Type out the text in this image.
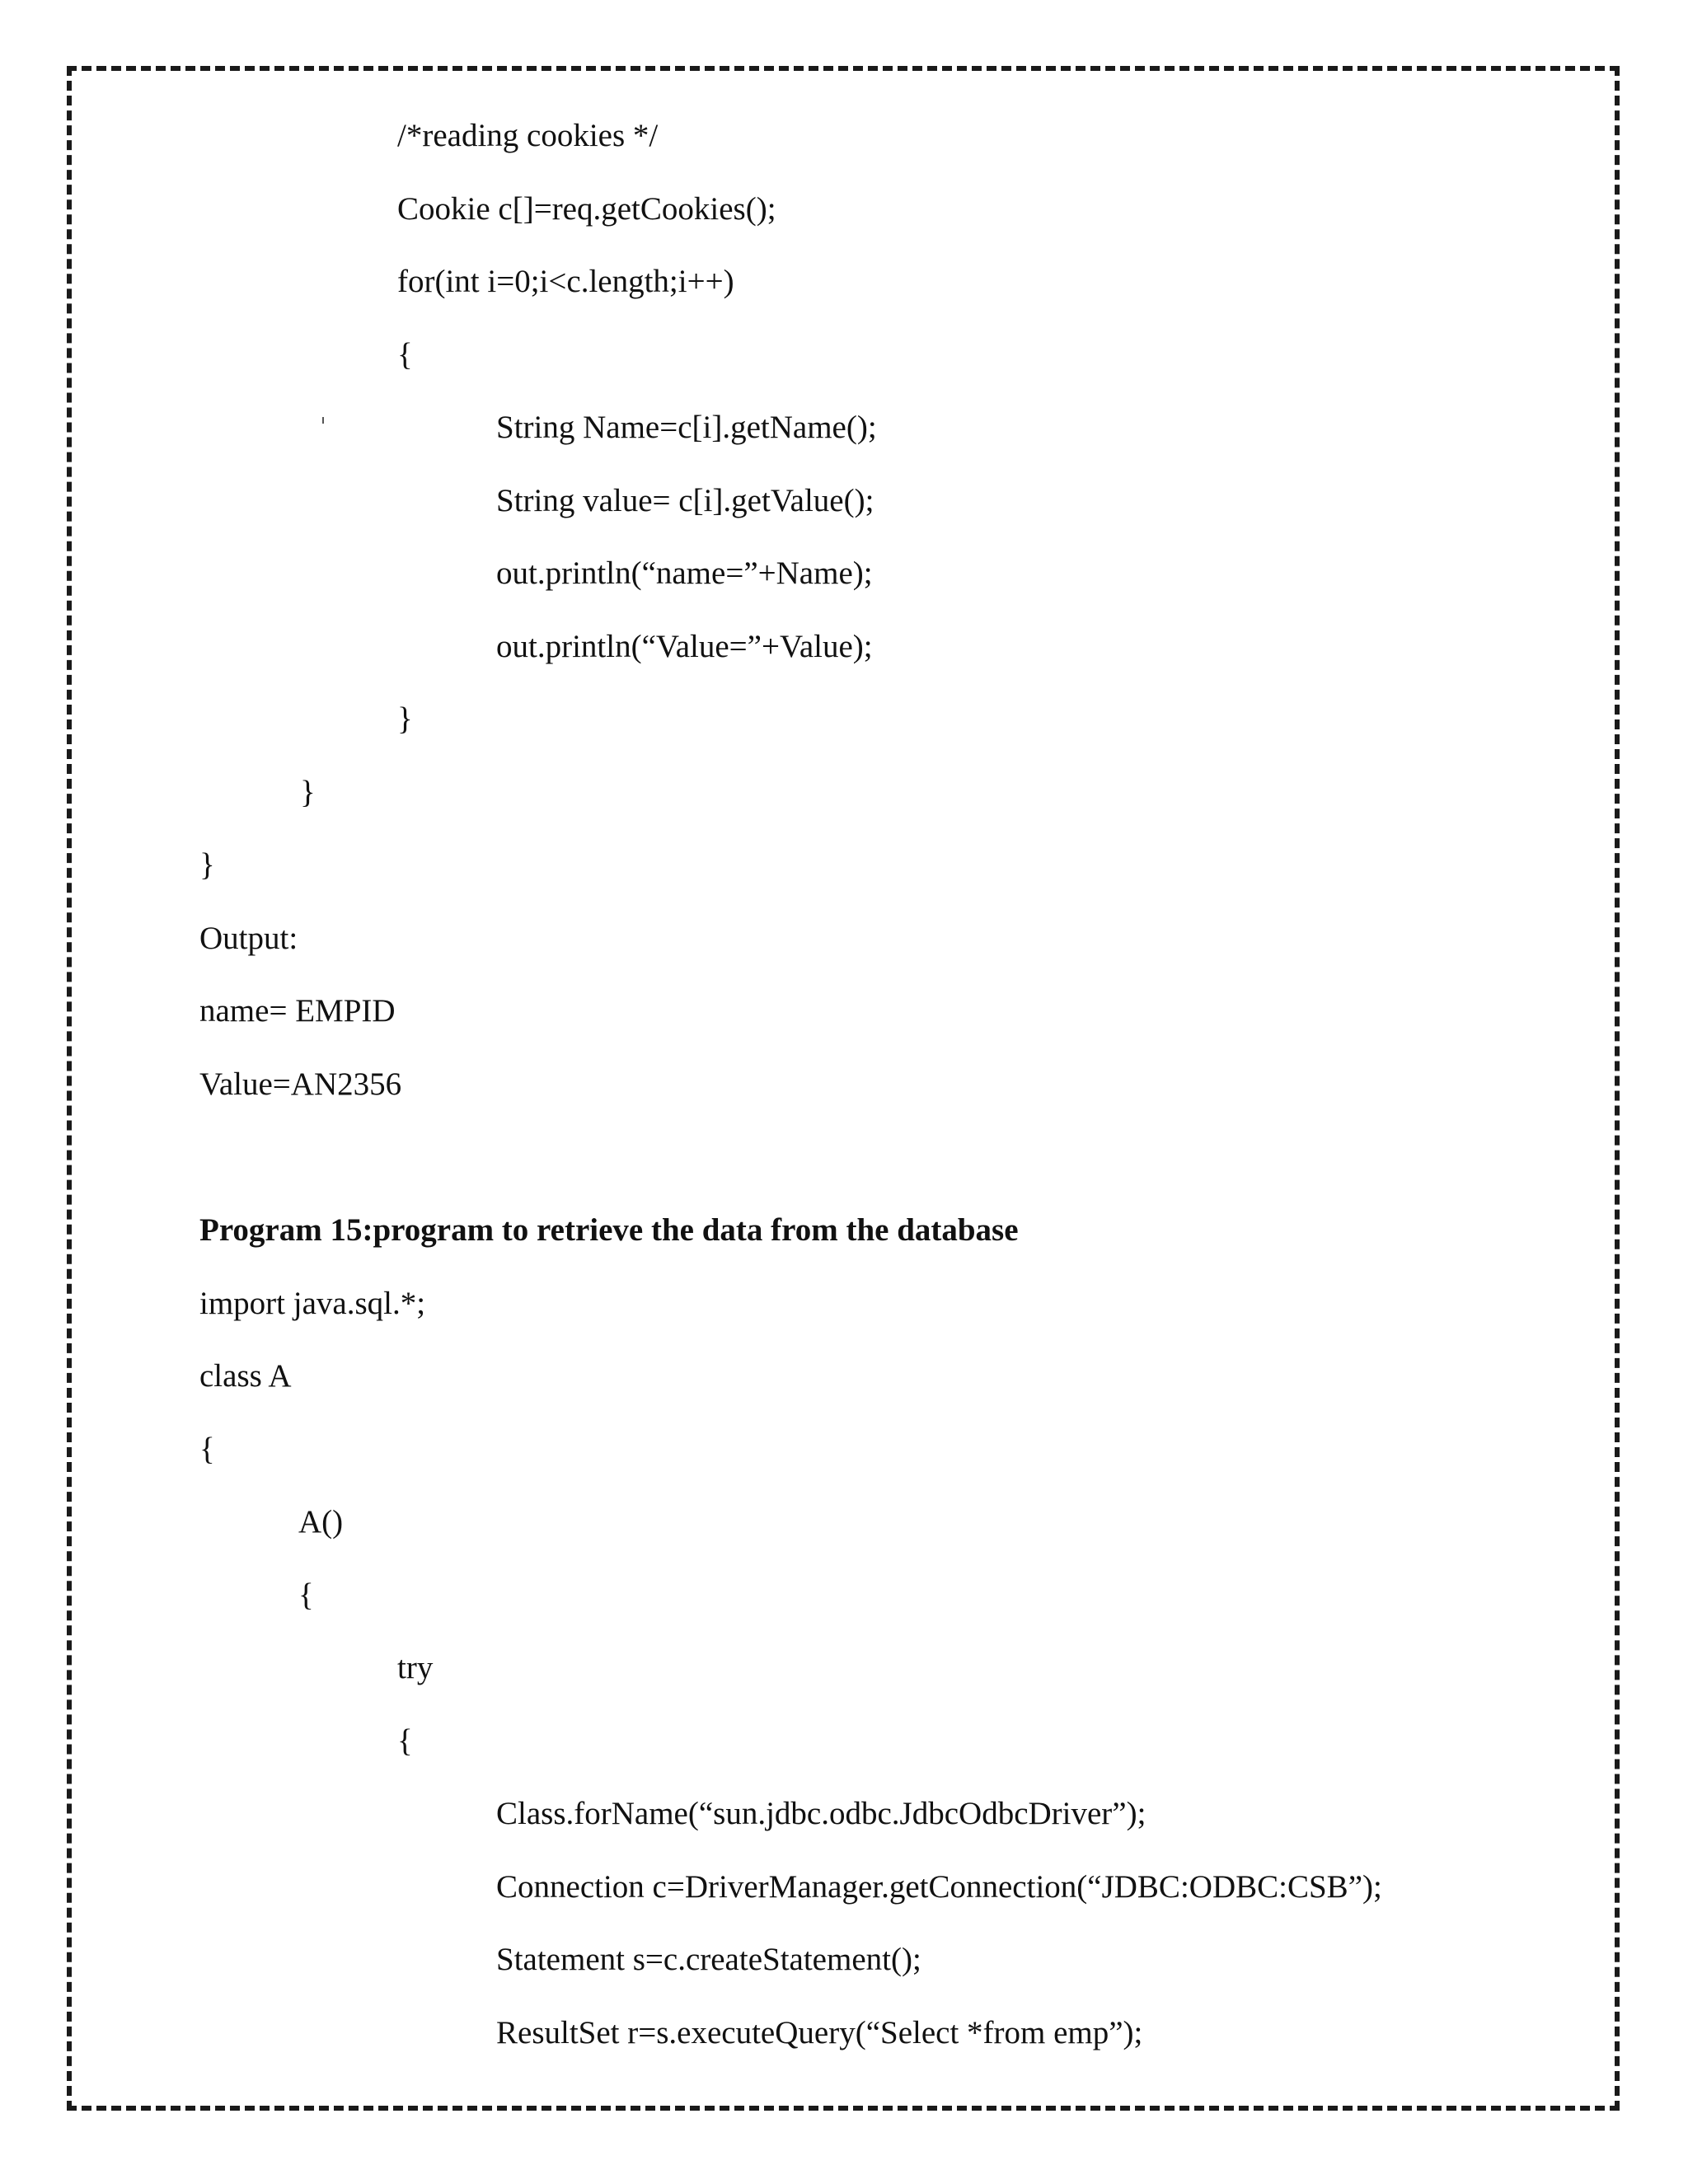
/*reading cookies */
Cookie c[]=req.getCookies();
for(int i=0;i<c.length;i++)
{
String Name=c[i].getName();
String value= c[i].getValue();
out.println(“name=”+Name);
out.println(“Value=”+Value);
}
}
}
Output:
name= EMPID
Value=AN2356
Program 15:program to retrieve the data from the database
import java.sql.*;
class A
{
A()
{
try
{
Class.forName(“sun.jdbc.odbc.JdbcOdbcDriver”);
Connection c=DriverManager.getConnection(“JDBC:ODBC:CSB”);
Statement s=c.createStatement();
ResultSet r=s.executeQuery(“Select *from emp”);
